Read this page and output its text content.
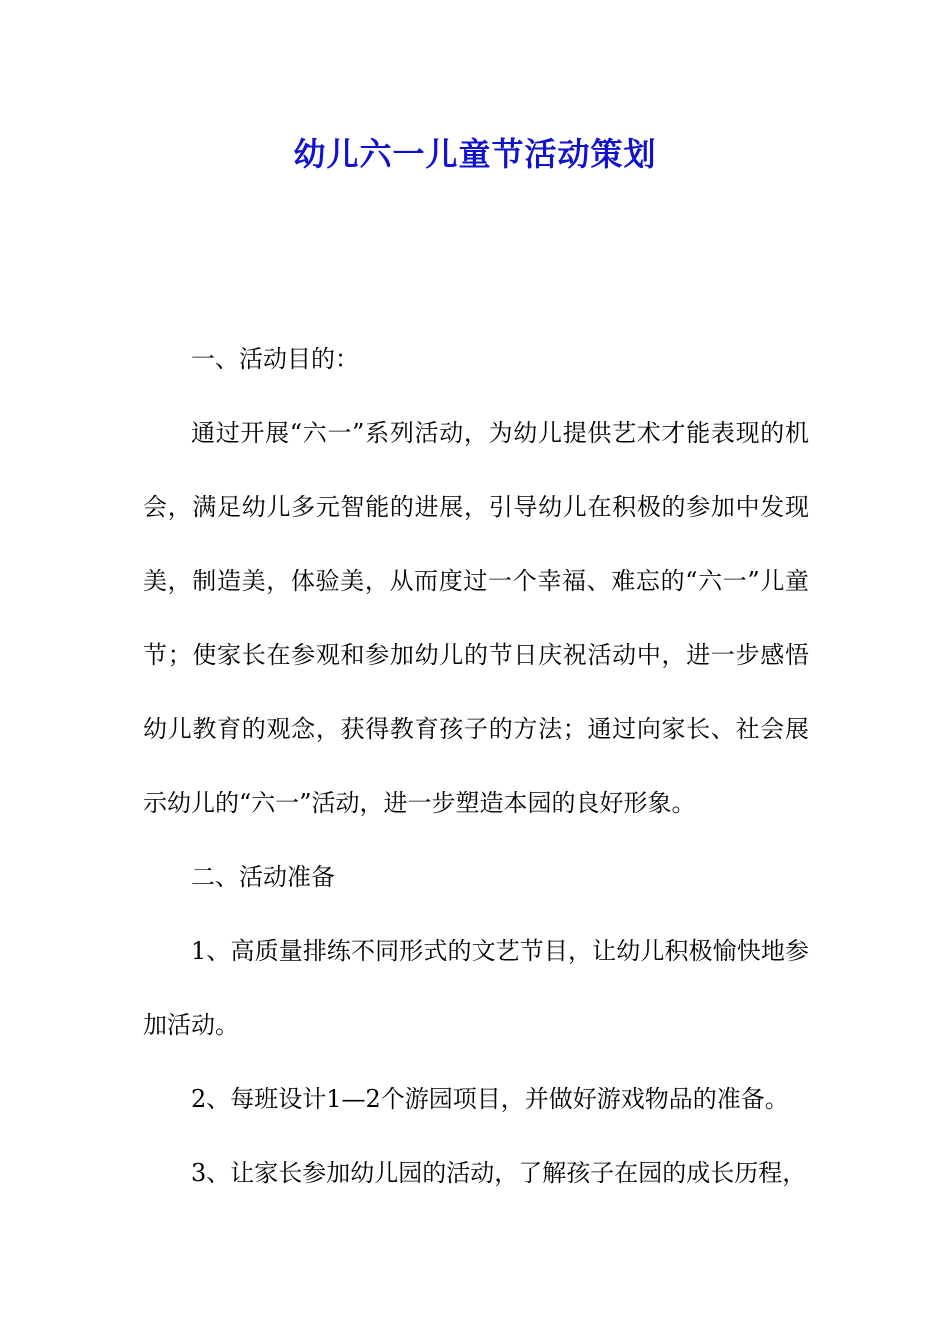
幼儿六一儿童节活动策划

一、活动目的：

通过开展“六一”系列活动，为幼儿提供艺术才能表现的机会，满足幼儿多元智能的进展，引导幼儿在积极的参加中发现美，制造美，体验美，从而度过一个幸福、难忘的“六一”儿童节；使家长在参观和参加幼儿的节日庆祝活动中，进一步感悟幼儿教育的观念，获得教育孩子的方法；通过向家长、社会展示幼儿的“六一”活动，进一步塑造本园的良好形象。

二、活动准备

1、高质量排练不同形式的文艺节目，让幼儿积极愉快地参加活动。

2、每班设计1—2个游园项目，并做好游戏物品的准备。

3、让家长参加幼儿园的活动，了解孩子在园的成长历程，
